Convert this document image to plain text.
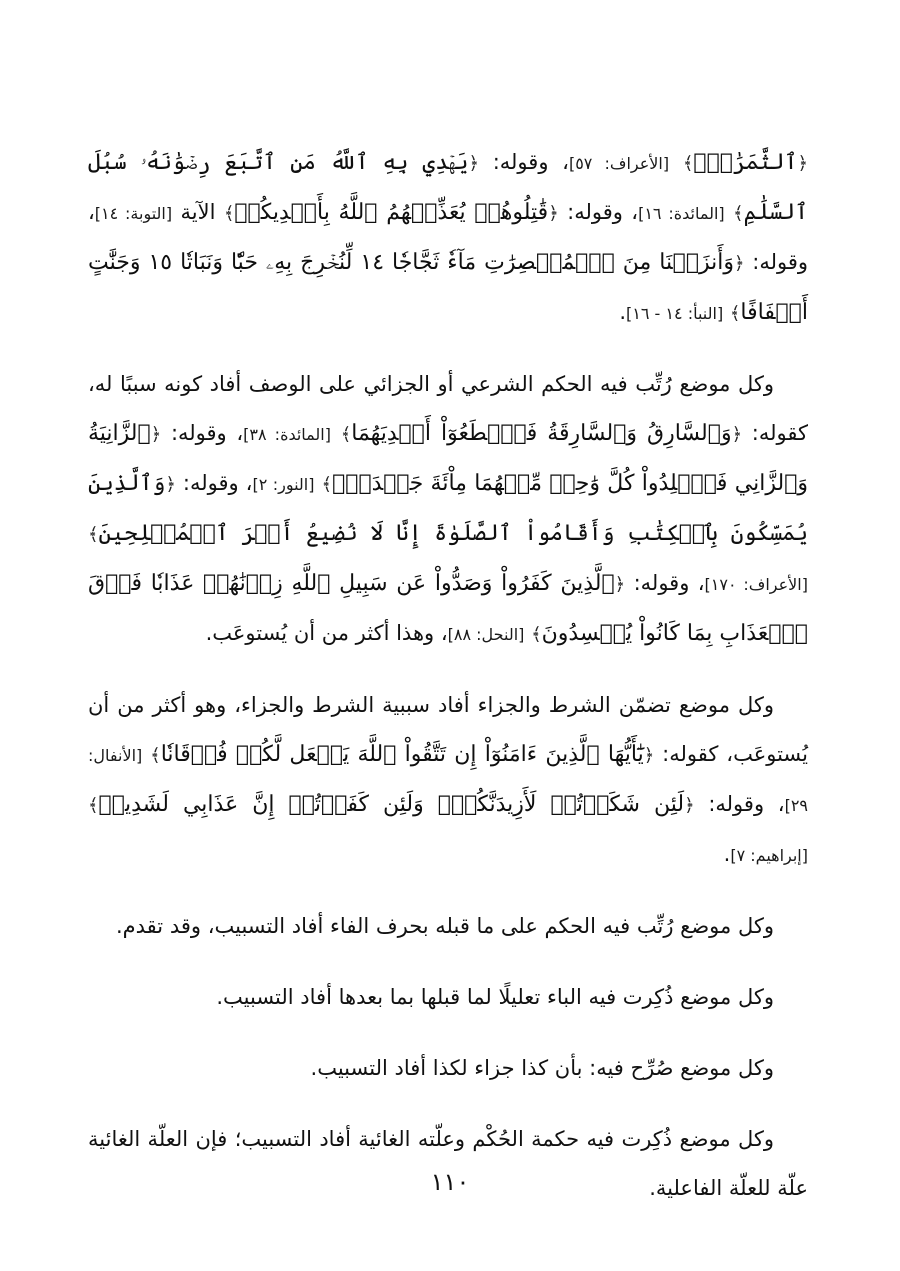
﴿ٱلثَّمَرَٰتِۚ﴾ [الأعراف: ٥٧]، وقوله: ﴿يَهۡدِي بِهِ ٱللَّهُ مَنِ ٱتَّبَعَ رِضۡوَٰنَهُۥ سُبُلَ ٱلسَّلَٰمِ﴾ [المائدة: ١٦]، وقوله: ﴿قَٰتِلُوهُمۡ يُعَذِّبۡهُمُ ٱللَّهُ بِأَيۡدِيكُمۡ﴾ الآية [التوبة: ١٤]، وقوله: ﴿وَأَنزَلۡنَا مِنَ ٱلۡمُعۡصِرَٰتِ مَآءٗ ثَجَّاجٗا ١٤ لِّنُخۡرِجَ بِهِۦ حَبّٗا وَنَبَاتٗا ١٥ وَجَنَّٰتٍ أَلۡفَافًا﴾ [النبأ: ١٤ - ١٦].

وكل موضع رُتِّب فيه الحكم الشرعي أو الجزائي على الوصف أفاد كونه سببًا له، كقوله: ﴿وَٱلسَّارِقُ وَٱلسَّارِقَةُ فَٱقۡطَعُوٓاْ أَيۡدِيَهُمَا﴾ [المائدة: ٣٨]، وقوله: ﴿ٱلزَّانِيَةُ وَٱلزَّانِي فَٱجۡلِدُواْ كُلَّ وَٰحِدٖ مِّنۡهُمَا مِاْئَةَ جَلۡدَةٖۖ﴾ [النور: ٢]، وقوله: ﴿وَٱلَّذِينَ يُمَسِّكُونَ بِٱلۡكِتَٰبِ وَأَقَامُواْ ٱلصَّلَوٰةَ إِنَّا لَا نُضِيعُ أَجۡرَ ٱلۡمُصۡلِحِينَ﴾ [الأعراف: ١٧٠]، وقوله: ﴿ٱلَّذِينَ كَفَرُواْ وَصَدُّواْ عَن سَبِيلِ ٱللَّهِ زِدۡنَٰهُمۡ عَذَابٗا فَوۡقَ ٱلۡعَذَابِ بِمَا كَانُواْ يُفۡسِدُونَ﴾ [النحل: ٨٨]، وهذا أكثر من أن يُستوعَب.

وكل موضع تضمّن الشرط والجزاء أفاد سببية الشرط والجزاء، وهو أكثر من أن يُستوعَب، كقوله: ﴿يَٰٓأَيُّهَا ٱلَّذِينَ ءَامَنُوٓاْ إِن تَتَّقُواْ ٱللَّهَ يَجۡعَل لَّكُمۡ فُرۡقَانٗا﴾ [الأنفال: ٢٩]، وقوله: ﴿لَئِن شَكَرۡتُمۡ لَأَزِيدَنَّكُمۡۖ وَلَئِن كَفَرۡتُمۡ إِنَّ عَذَابِي لَشَدِيدٞ﴾ [إبراهيم: ٧].

وكل موضع رُتِّب فيه الحكم على ما قبله بحرف الفاء أفاد التسبيب، وقد تقدم.

وكل موضع ذُكِرت فيه الباء تعليلًا لما قبلها بما بعدها أفاد التسبيب.

وكل موضع صُرِّح فيه: بأن كذا جزاء لكذا أفاد التسبيب.

وكل موضع ذُكِرت فيه حكمة الحُكْم وعلّته الغائية أفاد التسبيب؛ فإن العلّة الغائية علّة للعلّة الفاعلية.

١١٠
